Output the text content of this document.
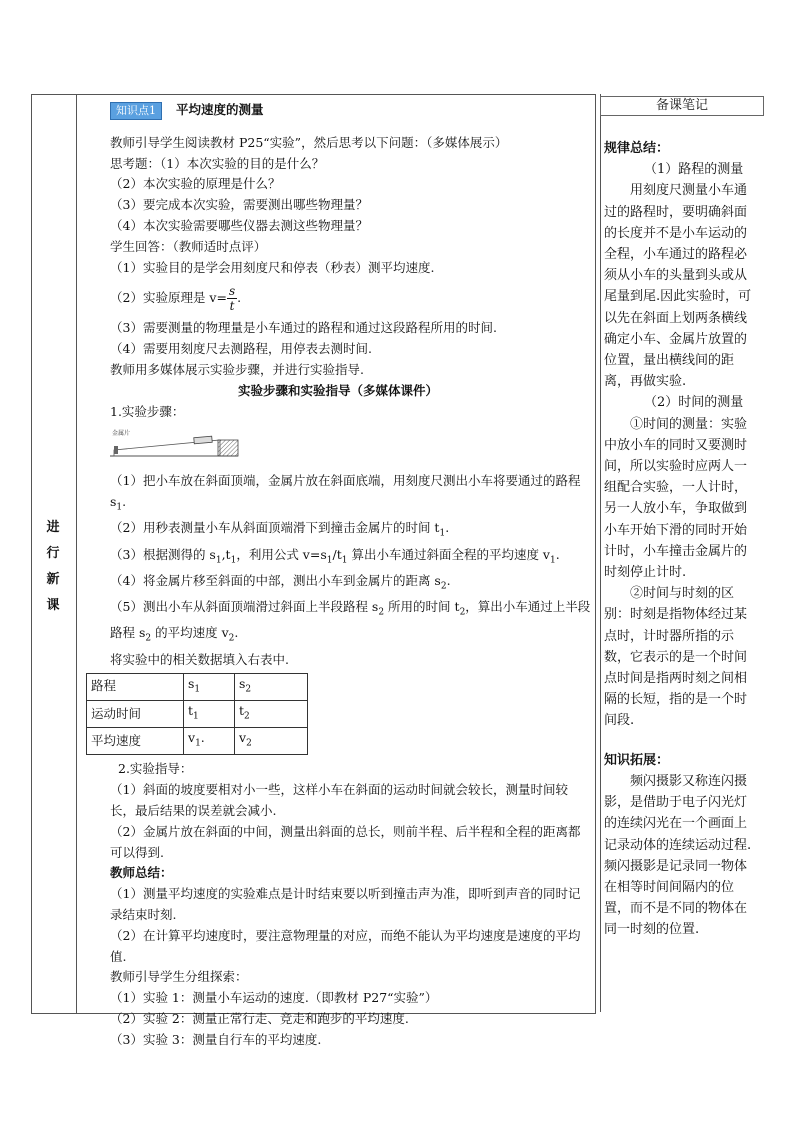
进
行
新
课
备课笔记

知识点1 平均速度的测量

教师引导学生阅读教材 P25“实验”，然后思考以下问题：（多媒体展示）

思考题：（1）本次实验的目的是什么？

（2）本次实验的原理是什么？

（3）要完成本次实验，需要测出哪些物理量？

（4）本次实验需要哪些仪器去测这些物理量？

学生回答：（教师适时点评）

（1）实验目的是学会用刻度尺和停表（秒表）测平均速度.

（2）实验原理是 $v= \frac{s}{t}$ .

（3）需要测量的物理量是小车通过的路程和通过这段路程所用的时间.

（4）需要用刻度尺去测路程，用停表去测时间.

教师用多媒体展示实验步骤，并进行实验指导.

实验步骤和实验指导（多媒体课件）

1.实验步骤：

金属片

（1）把小车放在斜面顶端，金属片放在斜面底端，用刻度尺测出小车将要通过的路程 $s_1$.

（2）用秒表测量小车从斜面顶端滑下到撞击金属片的时间 $t_1$.

（3）根据测得的 $s_1,t_1$，利用公式 $v=s_1/t_1$ 算出小车通过斜面全程的平均速度 $v_1$.

（4）将金属片移至斜面的中部，测出小车到金属片的距离 $s_2$.

（5）测出小车从斜面顶端滑过斜面上半段路程 $s_2$ 所用的时间 $t_2$，算出小车通过上半段路程 $s_2$ 的平均速度 $v_2$.

将实验中的相关数据填入右表中.

路程	$s_1$	$s_2$
运动时间	$t_1$	$t_2$
平均速度	$v_1$.	$v_2$

2.实验指导：

（1）斜面的坡度要相对小一些，这样小车在斜面的运动时间就会较长，测量时间较长，最后结果的误差就会减小.

（2）金属片放在斜面的中间，测量出斜面的总长，则前半程、后半程和全程的距离都可以得到.

教师总结：

（1）测量平均速度的实验难点是计时结束要以听到撞击声为准，即听到声音的同时记录结束时刻.

（2）在计算平均速度时，要注意物理量的对应，而绝不能认为平均速度是速度的平均值.

教师引导学生分组探索：

（1）实验 1：测量小车运动的速度.（即教材 P27“实验”）

（2）实验 2：测量正常行走、竞走和跑步的平均速度.

（3）实验 3：测量自行车的平均速度.

规律总结：

（1）路程的测量

用刻度尺测量小车通过的路程时，要明确斜面的长度并不是小车运动的全程，小车通过的路程必须从小车的头量到头或从尾量到尾.因此实验时，可以先在斜面上划两条横线确定小车、金属片放置的位置，量出横线间的距离，再做实验.

（2）时间的测量

①时间的测量：实验中放小车的同时又要测时间，所以实验时应两人一组配合实验，一人计时，另一人放小车，争取做到小车开始下滑的同时开始计时，小车撞击金属片的时刻停止计时.

②时间与时刻的区别：时刻是指物体经过某点时，计时器所指的示数，它表示的是一个时间点时间是指两时刻之间相隔的长短，指的是一个时间段.

知识拓展：

频闪摄影又称连闪摄影，是借助于电子闪光灯的连续闪光在一个画面上记录动体的连续运动过程.频闪摄影是记录同一物体在相等时间间隔内的位置，而不是不同的物体在同一时刻的位置.
